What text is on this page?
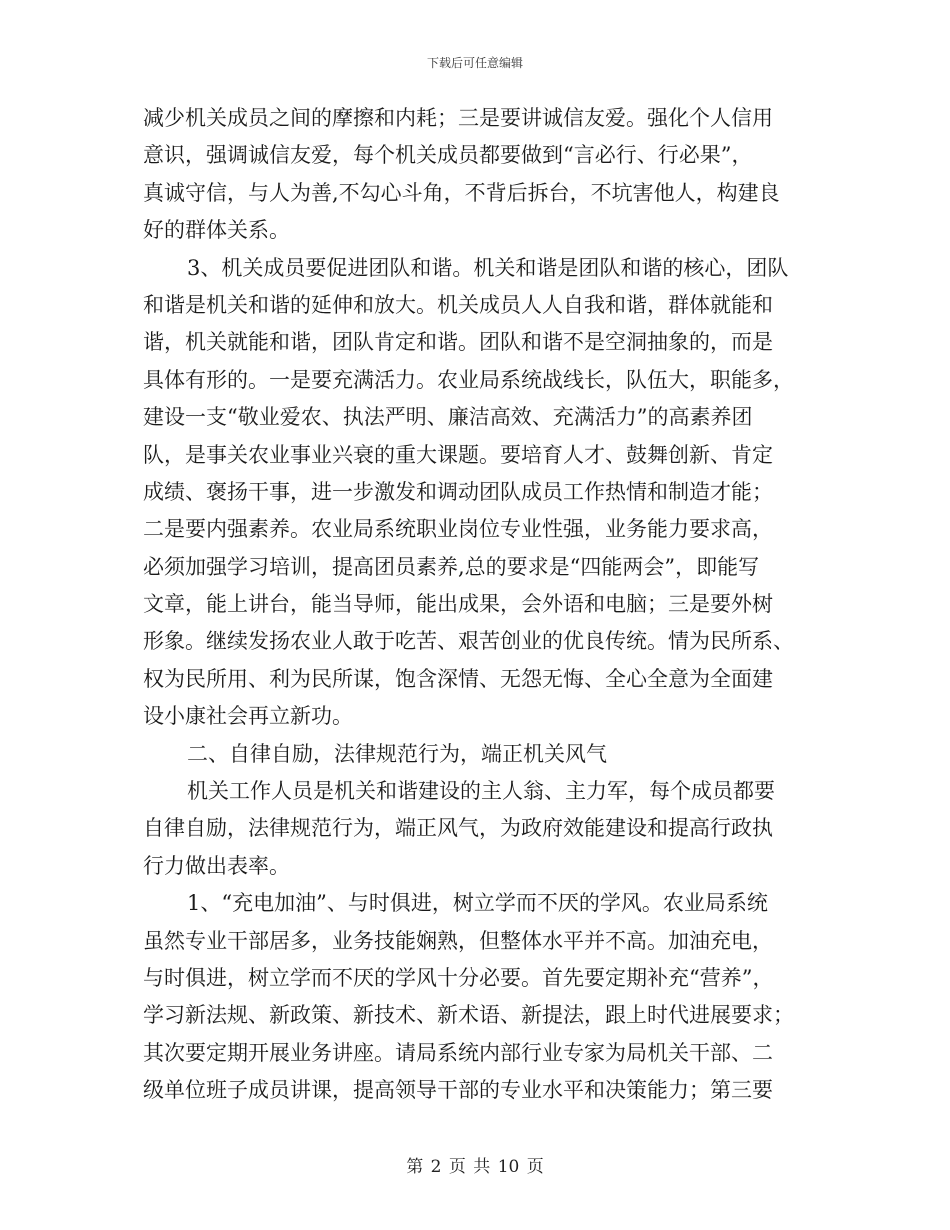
下载后可任意编辑
减少机关成员之间的摩擦和内耗；三是要讲诚信友爱。强化个人信用
意识，强调诚信友爱，每个机关成员都要做到“言必行、行必果”，
真诚守信，与人为善,不勾心斗角，不背后拆台，不坑害他人，构建良
好的群体关系。
3、机关成员要促进团队和谐。机关和谐是团队和谐的核心，团队
和谐是机关和谐的延伸和放大。机关成员人人自我和谐，群体就能和
谐，机关就能和谐，团队肯定和谐。团队和谐不是空洞抽象的，而是
具体有形的。一是要充满活力。农业局系统战线长，队伍大，职能多，
建设一支“敬业爱农、执法严明、廉洁高效、充满活力”的高素养团
队，是事关农业事业兴衰的重大课题。要培育人才、鼓舞创新、肯定
成绩、褒扬干事，进一步激发和调动团队成员工作热情和制造才能；
二是要内强素养。农业局系统职业岗位专业性强，业务能力要求高，
必须加强学习培训，提高团员素养,总的要求是“四能两会”，即能写
文章，能上讲台，能当导师，能出成果，会外语和电脑；三是要外树
形象。继续发扬农业人敢于吃苦、艰苦创业的优良传统。情为民所系、
权为民所用、利为民所谋，饱含深情、无怨无悔、全心全意为全面建
设小康社会再立新功。
二、自律自励，法律规范行为，端正机关风气
机关工作人员是机关和谐建设的主人翁、主力军，每个成员都要
自律自励，法律规范行为，端正风气，为政府效能建设和提高行政执
行力做出表率。
1、“充电加油”、与时俱进，树立学而不厌的学风。农业局系统
虽然专业干部居多，业务技能娴熟，但整体水平并不高。加油充电，
与时俱进，树立学而不厌的学风十分必要。首先要定期补充“营养”，
学习新法规、新政策、新技术、新术语、新提法，跟上时代进展要求；
其次要定期开展业务讲座。请局系统内部行业专家为局机关干部、二
级单位班子成员讲课，提高领导干部的专业水平和决策能力；第三要
第 2 页 共 10 页
